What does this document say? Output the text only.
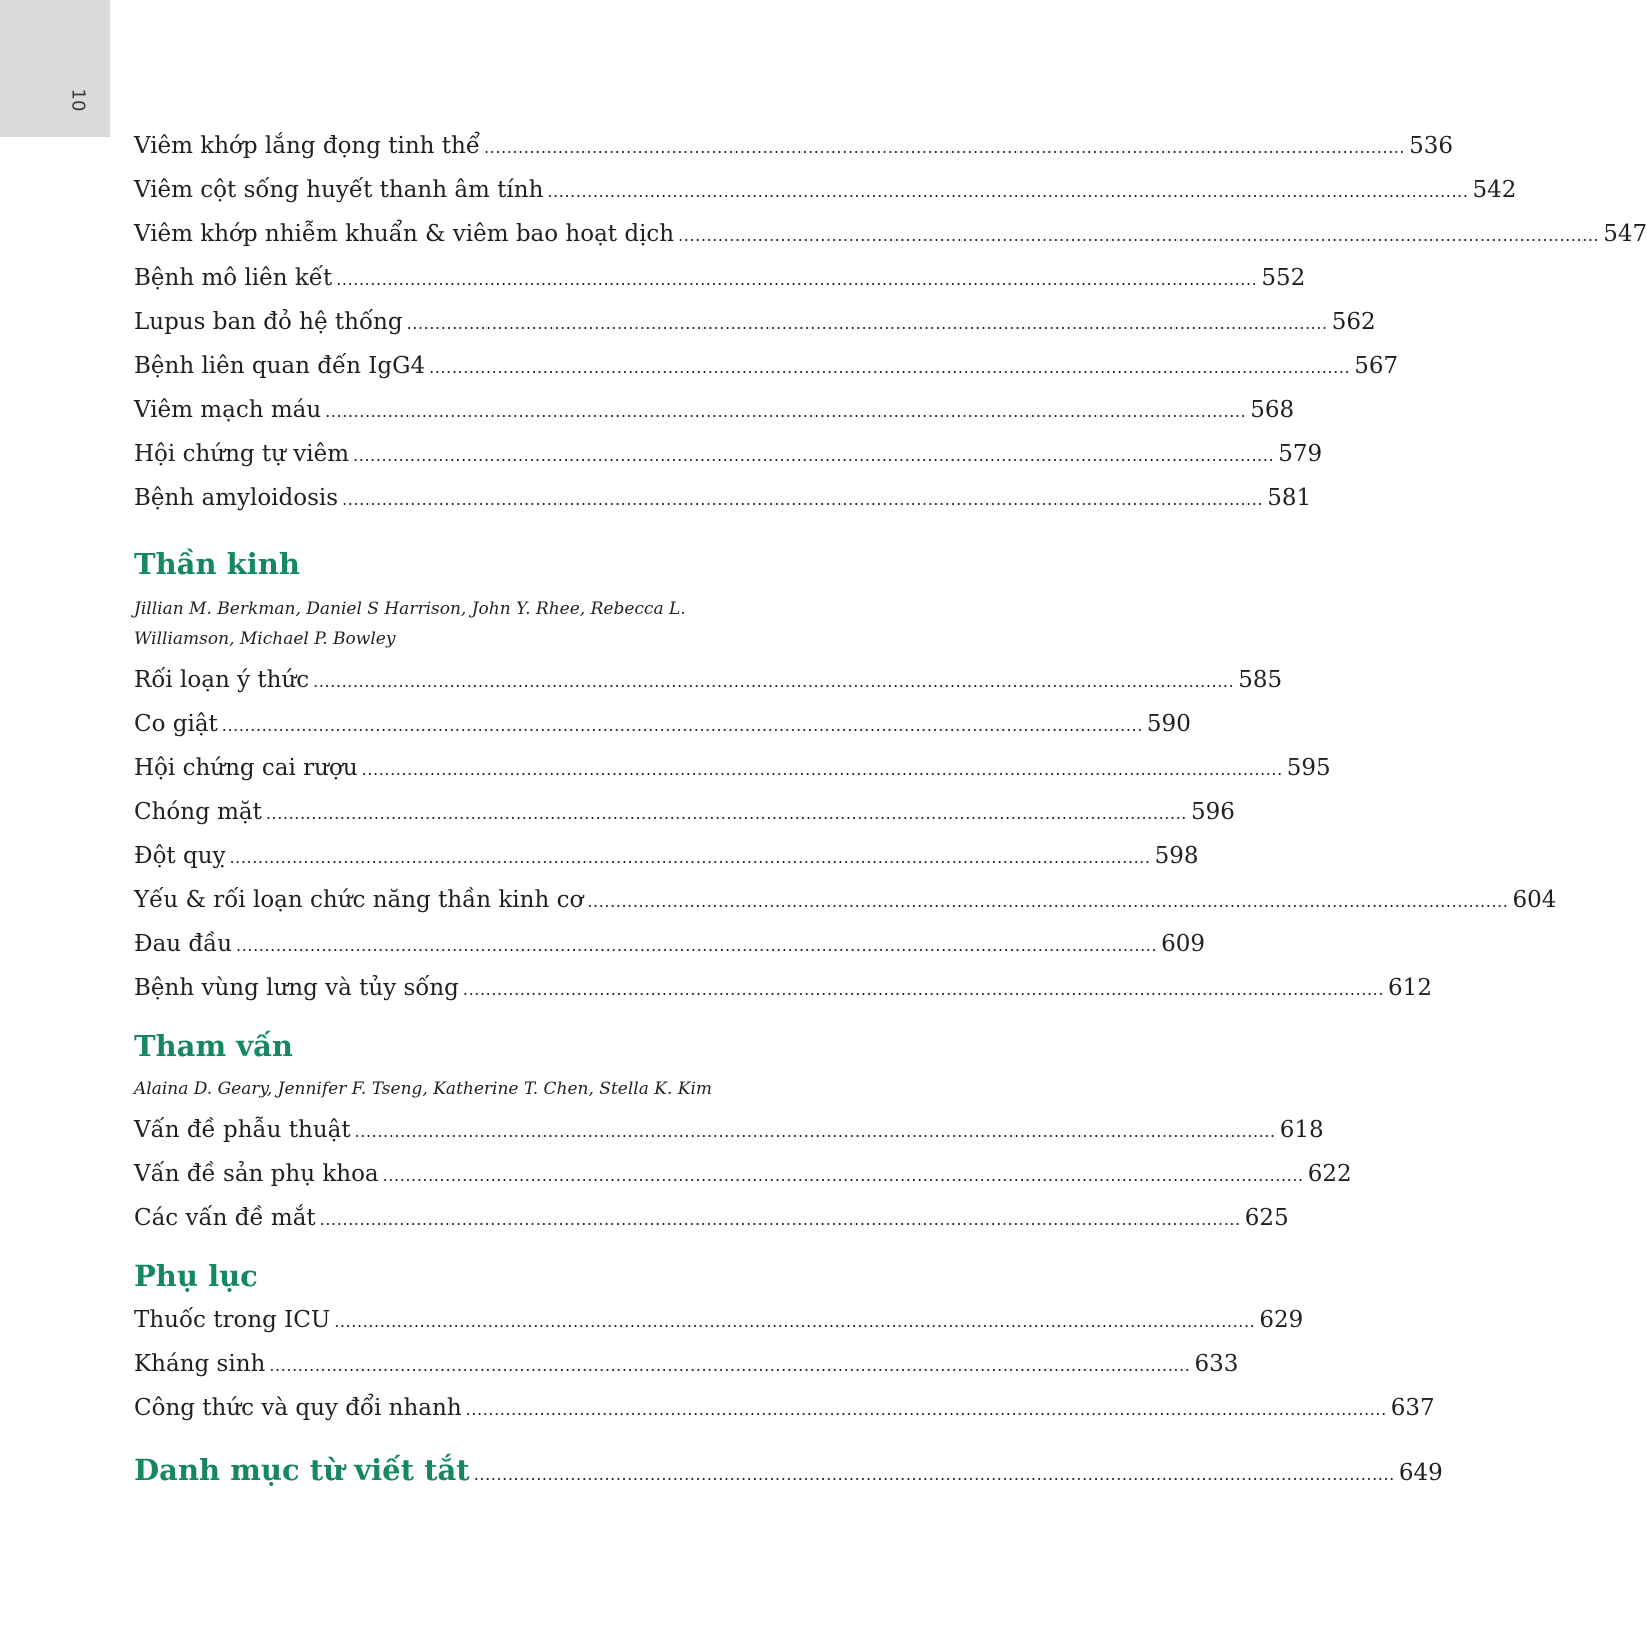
10
Viêm khớp lắng đọng tinh thể .................................................................................................................................................................. 536
Viêm cột sống huyết thanh âm tính .................................................................................................................................................................. 542
Viêm khớp nhiễm khuẩn & viêm bao hoạt dịch .................................................................................................................................................................. 547
Bệnh mô liên kết .................................................................................................................................................................. 552
Lupus ban đỏ hệ thống .................................................................................................................................................................. 562
Bệnh liên quan đến IgG4 .................................................................................................................................................................. 567
Viêm mạch máu .................................................................................................................................................................. 568
Hội chứng tự viêm .................................................................................................................................................................. 579
Bệnh amyloidosis .................................................................................................................................................................. 581
Thần kinh
Jillian M. Berkman, Daniel S Harrison, John Y. Rhee, Rebecca L. Williamson, Michael P. Bowley
Rối loạn ý thức .................................................................................................................................................................. 585
Co giật .................................................................................................................................................................. 590
Hội chứng cai rượu .................................................................................................................................................................. 595
Chóng mặt .................................................................................................................................................................. 596
Đột quỵ .................................................................................................................................................................. 598
Yếu & rối loạn chức năng thần kinh cơ .................................................................................................................................................................. 604
Đau đầu .................................................................................................................................................................. 609
Bệnh vùng lưng và tủy sống .................................................................................................................................................................. 612
Tham vấn
Alaina D. Geary, Jennifer F. Tseng, Katherine T. Chen, Stella K. Kim
Vấn đề phẫu thuật .................................................................................................................................................................. 618
Vấn đề sản phụ khoa .................................................................................................................................................................. 622
Các vấn đề mắt .................................................................................................................................................................. 625
Phụ lục
Thuốc trong ICU .................................................................................................................................................................. 629
Kháng sinh .................................................................................................................................................................. 633
Công thức và quy đổi nhanh .................................................................................................................................................................. 637
Danh mục từ viết tắt .................................................................................................................................................................. 649
